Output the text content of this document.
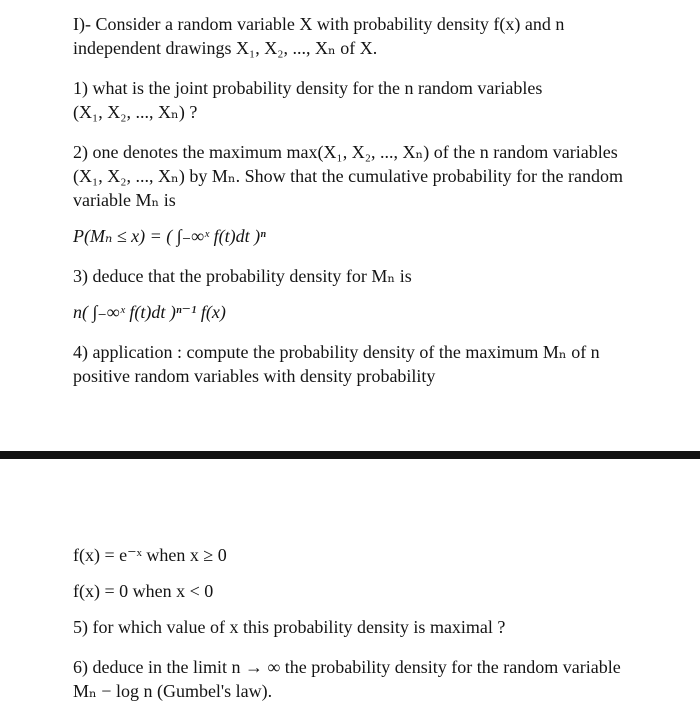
I)- Consider a random variable X with probability density f(x) and n
independent drawings X₁, X₂, ..., Xₙ of X.
1) what is the joint probability density for the n random variables
(X₁, X₂, ..., Xₙ) ?
2) one denotes the maximum max(X₁, X₂, ..., Xₙ) of the n random variables
(X₁, X₂, ..., Xₙ) by Mₙ. Show that the cumulative probability for the random
variable Mₙ is
P(Mₙ ≤ x) = ( ∫₋∞ˣ f(t)dt )ⁿ
3) deduce that the probability density for Mₙ is
n( ∫₋∞ˣ f(t)dt )ⁿ⁻¹ f(x)
4) application : compute the probability density of the maximum Mₙ of n
positive random variables with density probability
f(x) = e⁻ˣ when x ≥ 0
f(x) = 0 when x < 0
5) for which value of x this probability density is maximal ?
6) deduce in the limit n → ∞ the probability density for the random variable
Mₙ − log n (Gumbel's law).
